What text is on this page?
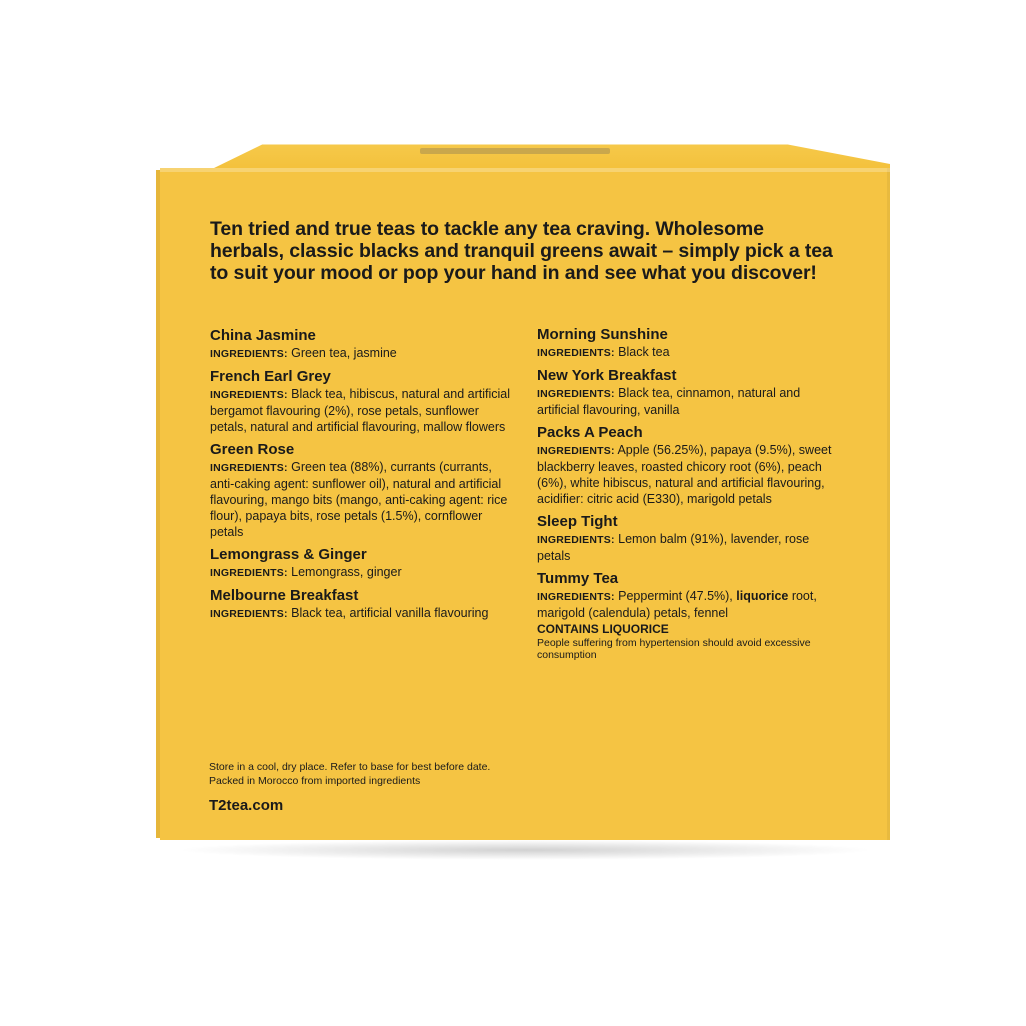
Ten tried and true teas to tackle any tea craving. Wholesome herbals, classic blacks and tranquil greens await – simply pick a tea to suit your mood or pop your hand in and see what you discover!
China Jasmine
INGREDIENTS: Green tea, jasmine
French Earl Grey
INGREDIENTS: Black tea, hibiscus, natural and artificial bergamot flavouring (2%), rose petals, sunflower petals, natural and artificial flavouring, mallow flowers
Green Rose
INGREDIENTS: Green tea (88%), currants (currants, anti-caking agent: sunflower oil), natural and artificial flavouring, mango bits (mango, anti-caking agent: rice flour), papaya bits, rose petals (1.5%), cornflower petals
Lemongrass & Ginger
INGREDIENTS: Lemongrass, ginger
Melbourne Breakfast
INGREDIENTS: Black tea, artificial vanilla flavouring
Morning Sunshine
INGREDIENTS: Black tea
New York Breakfast
INGREDIENTS: Black tea, cinnamon, natural and artificial flavouring, vanilla
Packs A Peach
INGREDIENTS: Apple (56.25%), papaya (9.5%), sweet blackberry leaves, roasted chicory root (6%), peach (6%), white hibiscus, natural and artificial flavouring, acidifier: citric acid (E330), marigold petals
Sleep Tight
INGREDIENTS: Lemon balm (91%), lavender, rose petals
Tummy Tea
INGREDIENTS: Peppermint (47.5%), liquorice root, marigold (calendula) petals, fennel
CONTAINS LIQUORICE
People suffering from hypertension should avoid excessive consumption
Store in a cool, dry place. Refer to base for best before date.
Packed in Morocco from imported ingredients
T2tea.com
